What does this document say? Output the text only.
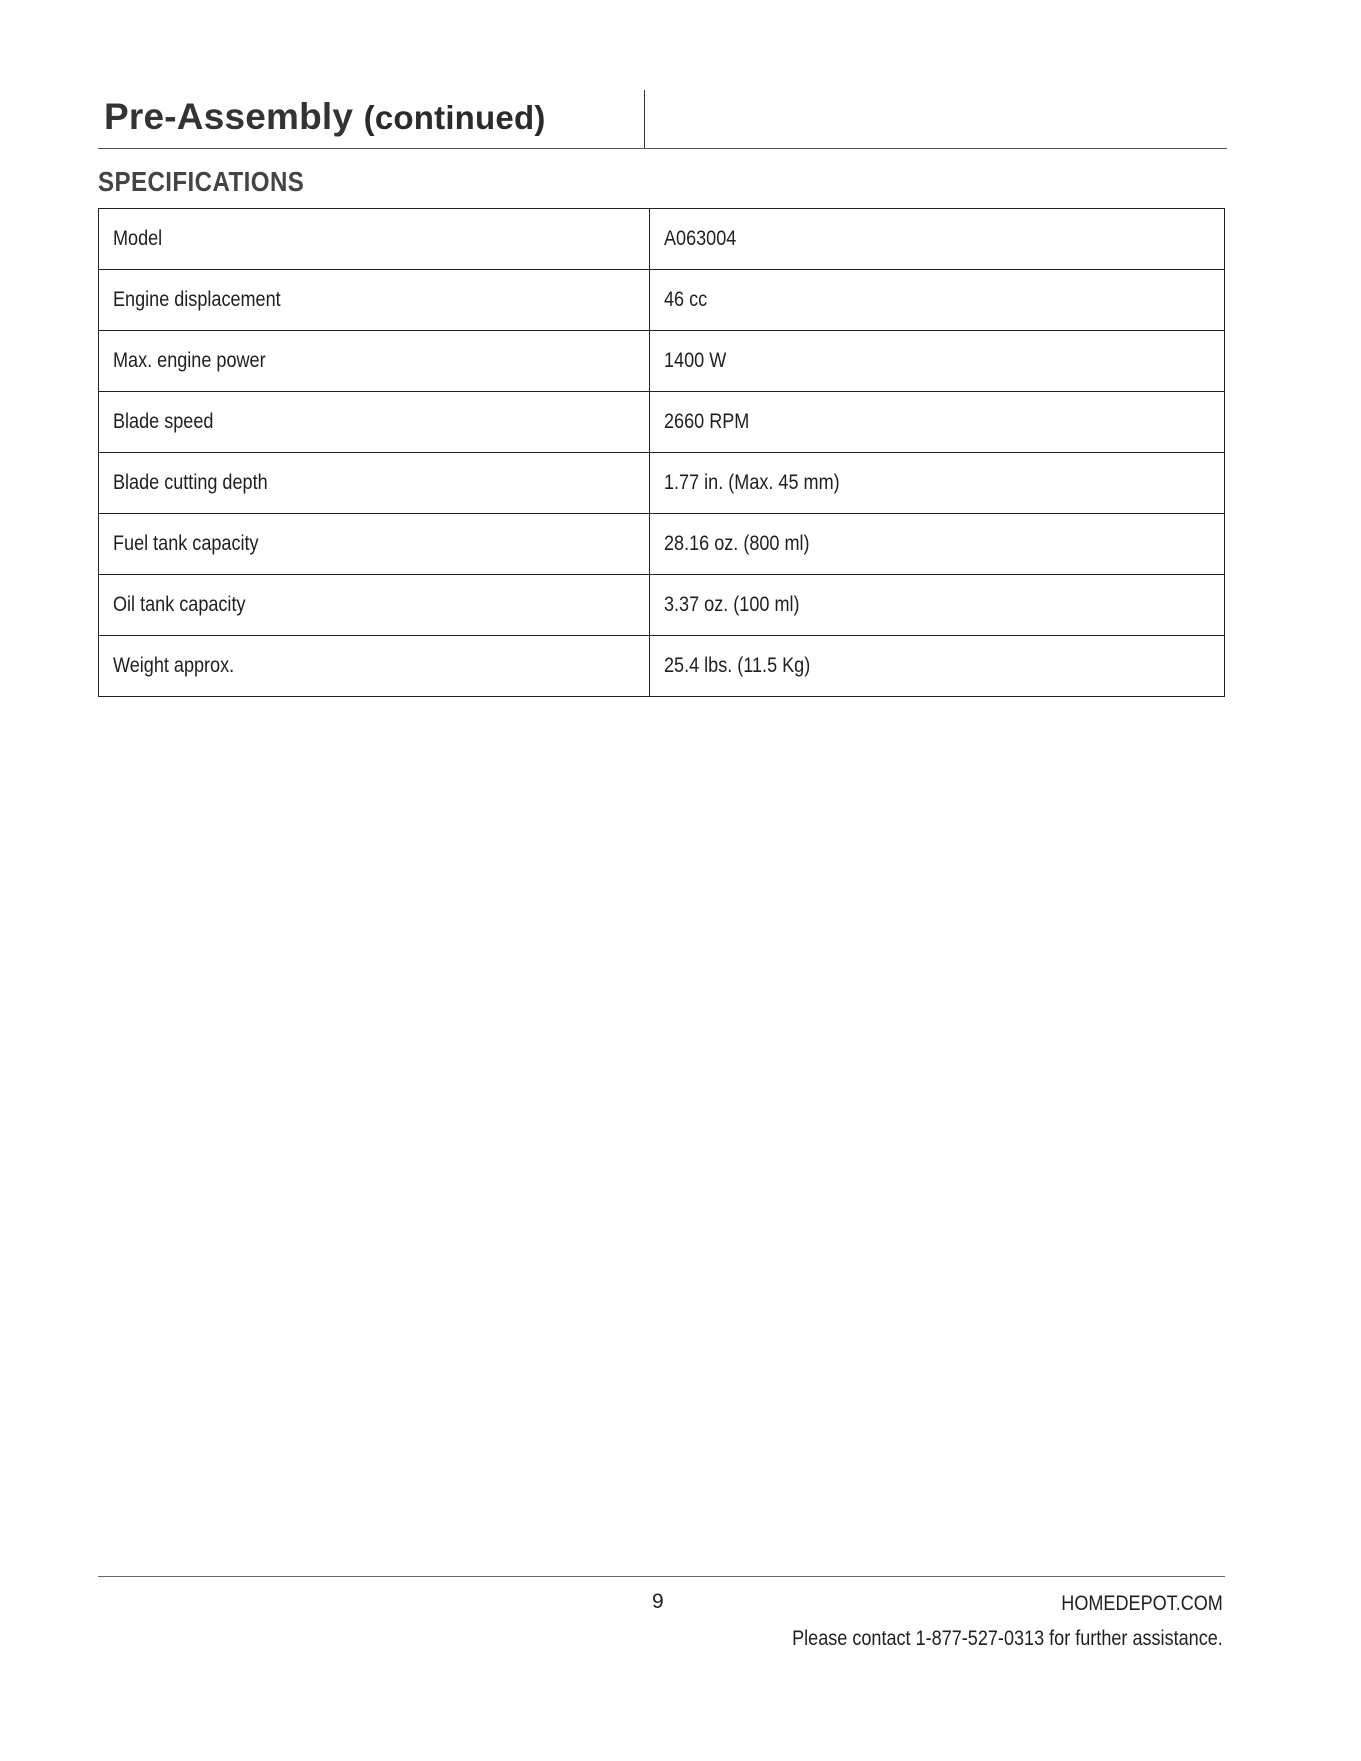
Pre-Assembly (continued)
SPECIFICATIONS
Model	A063004
Engine displacement	46 cc
Max. engine power	1400 W
Blade speed	2660 RPM
Blade cutting depth	1.77 in. (Max. 45 mm)
Fuel tank capacity	28.16 oz. (800 ml)
Oil tank capacity	3.37 oz. (100 ml)
Weight approx.	25.4 lbs. (11.5 Kg)
9	HOMEDEPOT.COM
Please contact 1-877-527-0313 for further assistance.
